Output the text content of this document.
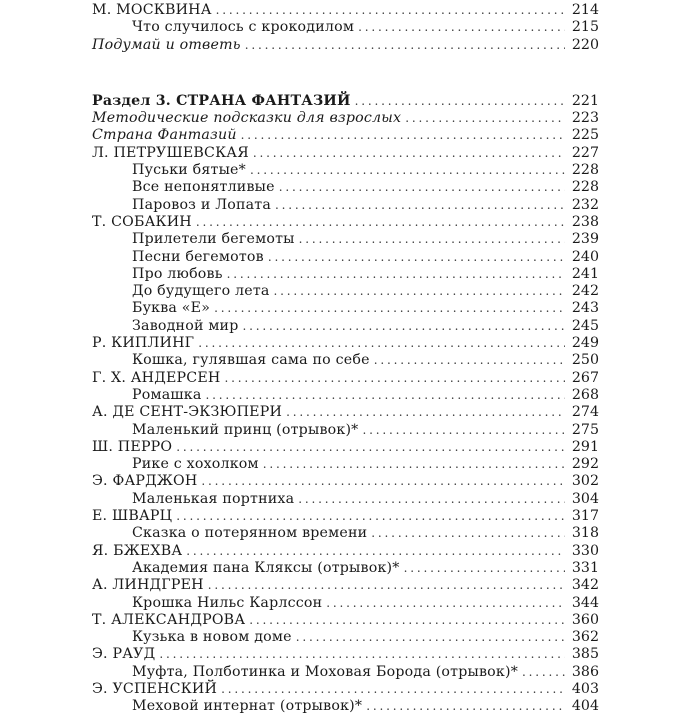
М. МОСКВИНА . . .	214
Что случилось с крокодилом . . .	215
Подумай и ответь . . .	220
Раздел 3. СТРАНА ФАНТАЗИЙ . . .	221
Методические подсказки для взрослых . . .	223
Страна Фантазий . . .	225
Л. ПЕТРУШЕВСКАЯ . . .	227
Пуськи бятые* . . .	228
Все непонятливые . . .	228
Паровоз и Лопата . . .	232
Т. СОБАКИН . . .	238
Прилетели бегемоты . . .	239
Песни бегемотов . . .	240
Про любовь . . .	241
До будущего лета . . .	242
Буква «Е» . . .	243
Заводной мир . . .	245
Р. КИПЛИНГ . . .	249
Кошка, гулявшая сама по себе . . .	250
Г. Х. АНДЕРСЕН . . .	267
Ромашка . . .	268
А. ДЕ СЕНТ-ЭКЗЮПЕРИ . . .	274
Маленький принц (отрывок)* . . .	275
Ш. ПЕРРО . . .	291
Рике с хохолком . . .	292
Э. ФАРДЖОН . . .	302
Маленькая портниха . . .	304
Е. ШВАРЦ . . .	317
Сказка о потерянном времени . . .	318
Я. БЖЕХВА . . .	330
Академия пана Кляксы (отрывок)* . . .	331
А. ЛИНДГРЕН . . .	342
Крошка Нильс Карлссон . . .	344
Т. АЛЕКСАНДРОВА . . .	360
Кузька в новом доме . . .	362
Э. РАУД . . .	385
Муфта, Полботинка и Моховая Борода (отрывок)* . . .	386
Э. УСПЕНСКИЙ . . .	403
Меховой интернат (отрывок)* . . .	404
